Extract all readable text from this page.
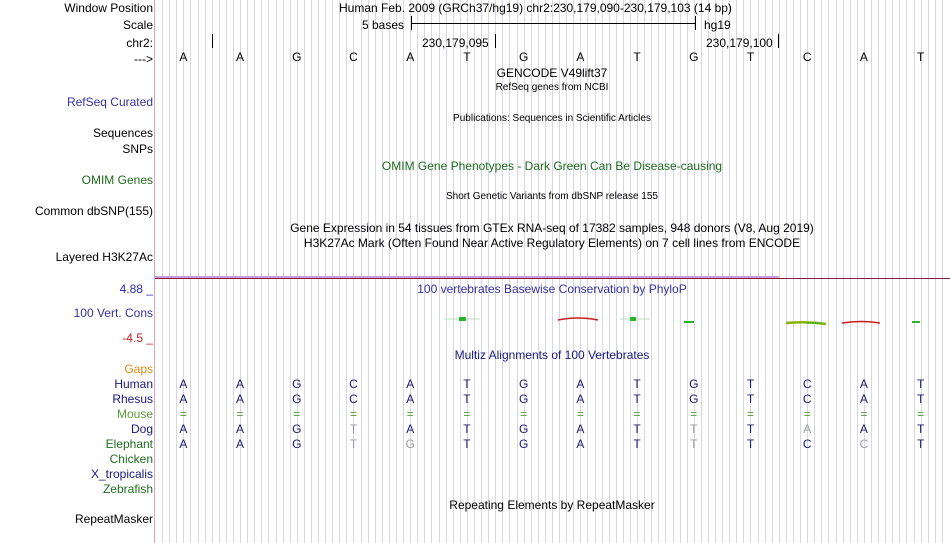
Window Position
Scale
chr2:
--->
Human Feb. 2009 (GRCh37/hg19) chr2:230,179,090-230,179,103 (14 bp)
5 bases	hg19
230,179,095	230,179,100
A	A	G	C	A	T	G	A	T	G	T	C	A	T
GENCODE V49lift37
RefSeq genes from NCBI
RefSeq Curated
Publications: Sequences in Scientific Articles
Sequences
SNPs
OMIM Gene Phenotypes - Dark Green Can Be Disease-causing
OMIM Genes
Short Genetic Variants from dbSNP release 155
Common dbSNP(155)
Gene Expression in 54 tissues from GTEx RNA-seq of 17382 samples, 948 donors (V8, Aug 2019)
H3K27Ac Mark (Often Found Near Active Regulatory Elements) on 7 cell lines from ENCODE
Layered H3K27Ac
4.88 _	100 vertebrates Basewise Conservation by PhyloP
100 Vert. Cons
-4.5 _
Multiz Alignments of 100 Vertebrates
Gaps
Human A	A	G	C	A	T	G	A	T	G	T	C	A	T
Rhesus A	A	G	C	A	T	G	A	T	G	T	C	A	T
Mouse =	=	=	=	=	=	=	=	=	=	=	=	=	=
Dog A	A	G	T	A	T	G	A	T	T	T	A	A	T
Elephant A	A	G	T	G	T	G	A	T	T	T	C	C	T
Chicken
X_tropicalis
Zebrafish
Repeating Elements by RepeatMasker
RepeatMasker
